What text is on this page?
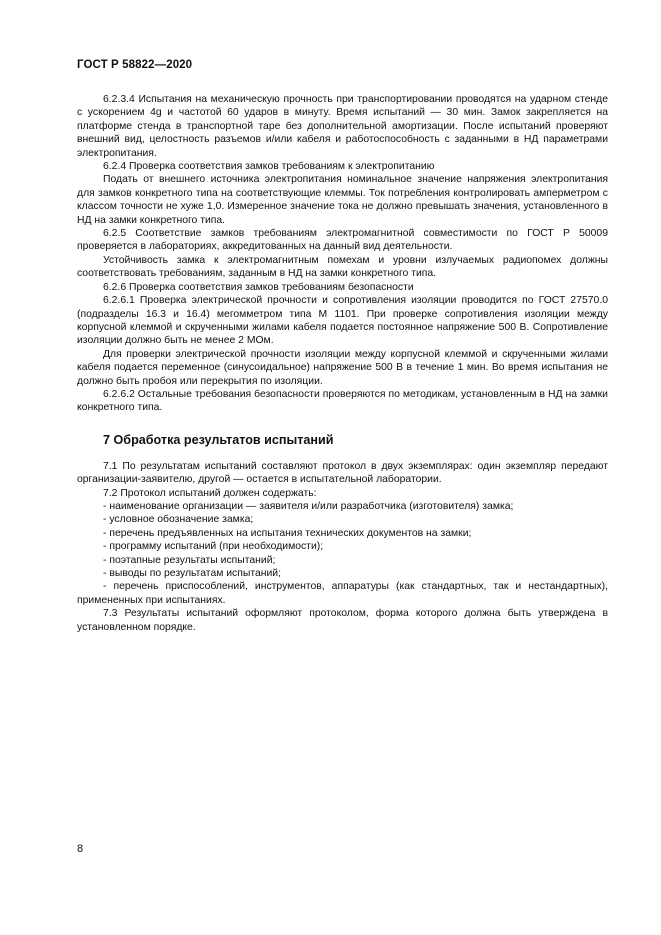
ГОСТ Р 58822—2020

6.2.3.4 Испытания на механическую прочность при транспортировании проводятся на ударном стенде с ускорением 4g и частотой 60 ударов в минуту. Время испытаний — 30 мин. Замок закрепляется на платформе стенда в транспортной таре без дополнительной амортизации. После испытаний проверяют внешний вид, целостность разъемов и/или кабеля и работоспособность с заданными в НД параметрами электропитания.

6.2.4 Проверка соответствия замков требованиям к электропитанию

Подать от внешнего источника электропитания номинальное значение напряжения электропитания для замков конкретного типа на соответствующие клеммы. Ток потребления контролировать амперметром с классом точности не хуже 1,0. Измеренное значение тока не должно превышать значения, установленного в НД на замки конкретного типа.

6.2.5 Соответствие замков требованиям электромагнитной совместимости по ГОСТ Р 50009 проверяется в лабораториях, аккредитованных на данный вид деятельности.

Устойчивость замка к электромагнитным помехам и уровни излучаемых радиопомех должны соответствовать требованиям, заданным в НД на замки конкретного типа.

6.2.6 Проверка соответствия замков требованиям безопасности

6.2.6.1 Проверка электрической прочности и сопротивления изоляции проводится по ГОСТ 27570.0 (подразделы 16.3 и 16.4) мегомметром типа М 1101. При проверке сопротивления изоляции между корпусной клеммой и скрученными жилами кабеля подается постоянное напряжение 500 В. Сопротивление изоляции должно быть не менее 2 МОм.

Для проверки электрической прочности изоляции между корпусной клеммой и скрученными жилами кабеля подается переменное (синусоидальное) напряжение 500 В в течение 1 мин. Во время испытания не должно быть пробоя или перекрытия по изоляции.

6.2.6.2 Остальные требования безопасности проверяются по методикам, установленным в НД на замки конкретного типа.

7 Обработка результатов испытаний

7.1 По результатам испытаний составляют протокол в двух экземплярах: один экземпляр передают организации-заявителю, другой — остается в испытательной лаборатории.

7.2 Протокол испытаний должен содержать:

- наименование организации — заявителя и/или разработчика (изготовителя) замка;

- условное обозначение замка;

- перечень предъявленных на испытания технических документов на замки;

- программу испытаний (при необходимости);

- поэтапные результаты испытаний;

- выводы по результатам испытаний;

- перечень приспособлений, инструментов, аппаратуры (как стандартных, так и нестандартных), примененных при испытаниях.

7.3 Результаты испытаний оформляют протоколом, форма которого должна быть утверждена в установленном порядке.

8
